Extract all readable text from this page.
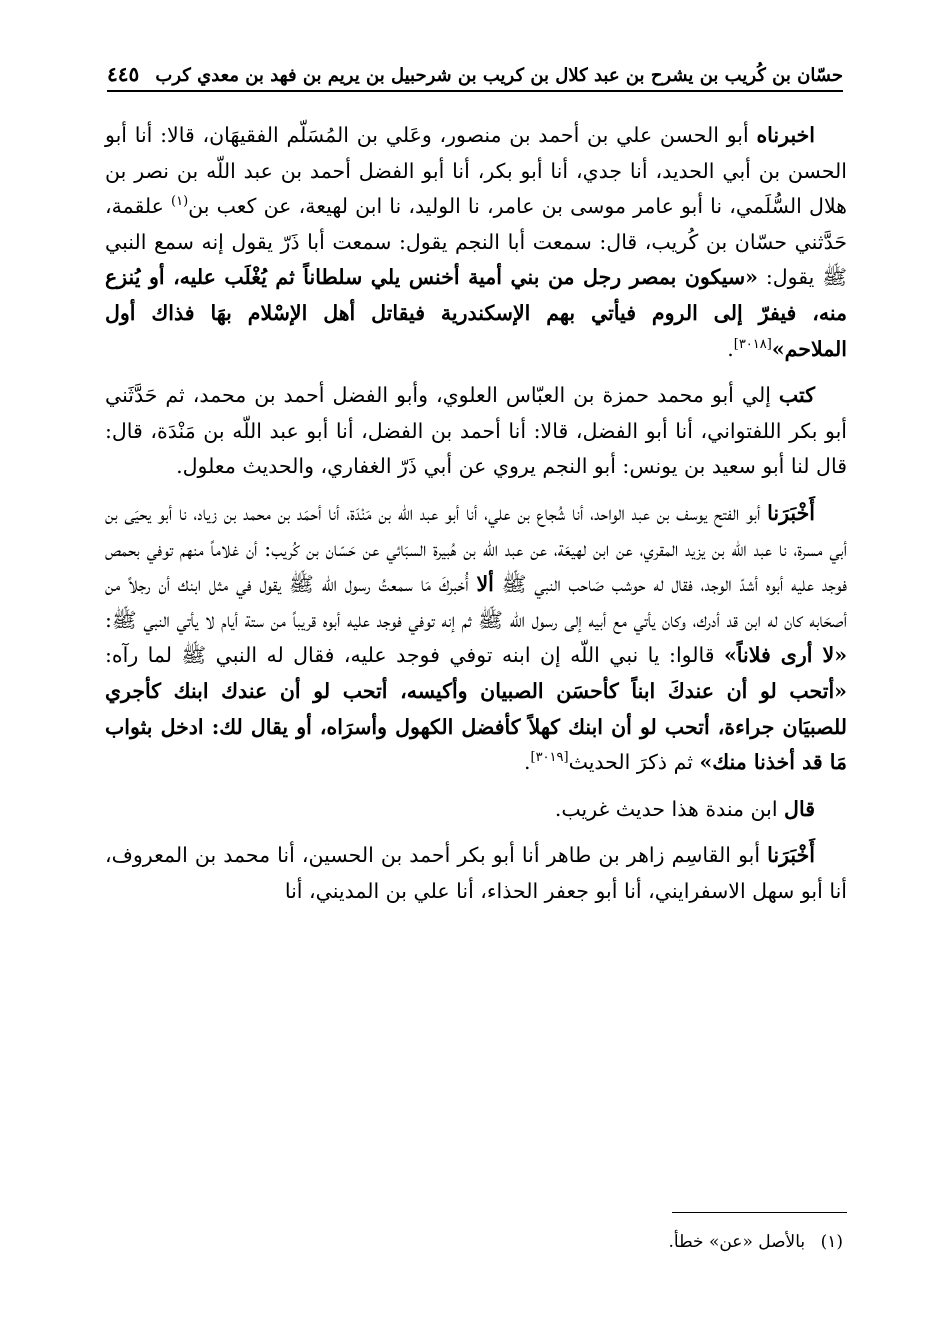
حسّان بن كُريب بن يشرح بن عبد كلال بن كريب بن شرحبيل بن يريم بن فهد بن معدي كرب
٤٤٥

اخبرناه أبو الحسن علي بن أحمد بن منصور، وعَلي بن المُسَلّم الفقيهَان، قالا: أنا أبو الحسن بن أبي الحديد، أنا جدي، أنا أبو بكر، أنا أبو الفضل أحمد بن عبد اللّه بن نصر بن هلال السُّلَمي، نا أبو عامر موسى بن عامر، نا الوليد، نا ابن لهيعة، عن كعب بن$^{(١)}$ علقمة، حَدَّثني حسّان بن كُريب، قال: سمعت أبا النجم يقول: سمعت أبا ذَرّ يقول إنه سمع النبي ﷺ يقول: «سيكون بمصر رجل من بني أمية أخنس يلي سلطاناً ثم يُغْلَب عليه، أو يُنزع منه، فيفرّ إلى الروم فيأتي بهم الإسكندرية فيقاتل أهل الإسْلام بهَا فذاك أول الملاحم»[٣٠١٨].

كتب إلي أبو محمد حمزة بن العبّاس العلوي، وأبو الفضل أحمد بن محمد، ثم حَدَّثَني أبو بكر اللفتواني، أنا أبو الفضل، قالا: أنا أحمد بن الفضل، أنا أبو عبد اللّه بن مَنْدَة، قال: قال لنا أبو سعيد بن يونس: أبو النجم يروي عن أبي ذَرّ الغفاري، والحديث معلول.

أَخْبَرَنا أبو الفتح يوسف بن عبد الواحد، أنا شُجاع بن علي، أنا أبو عبد اللّه بن مَنْدَة، أنا أحمَد بن محمد بن زياد، نا أبو يحيَى بن أبي مسرة، نا عبد اللّه بن يزيد المقري، عن ابن لهيعَة، عن عبد اللّه بن هُبيرة السبَائي عن حَسّان بن كُريب: أن غلاماً منهم توفي بحمص فوجد عليه أبوه أشدّ الوجد، فقال له حوشب صَاحب النبي ﷺ ألا أُخبركَ مَا سمعتُ رسول اللّه ﷺ يقول في مثل ابنك أن رجلاً من أصحَابه كان له ابن قد أدرك، وكان يأتي مع أبيه إلى رسول اللّه ﷺ ثم إنه توفي فوجد عليه أبوه قريباً من ستة أيام لا يأتي النبي ﷺ: «لا أرى فلاناً» قالوا: يا نبي اللّه إن ابنه توفي فوجد عليه، فقال له النبي ﷺ لما رآه: «أتحب لو أن عندكَ ابناً كأحسَن الصبيان وأكيسه، أتحب لو أن عندك ابنك كأجري للصبيَان جراءة، أتحب لو أن ابنك كهلاً كأفضل الكهول وأسرَاه، أو يقال لك: ادخل بثواب مَا قد أخذنا منك» ثم ذكرَ الحديث[٣٠١٩].

قال ابن مندة هذا حديث غريب.

أَخْبَرَنا أبو القاسِم زاهر بن طاهر أنا أبو بكر أحمد بن الحسين، أنا محمد بن المعروف، أنا أبو سهل الاسفرايني، أنا أبو جعفر الحذاء، أنا علي بن المديني، أنا

(١) بالأصل «عن» خطأ.
